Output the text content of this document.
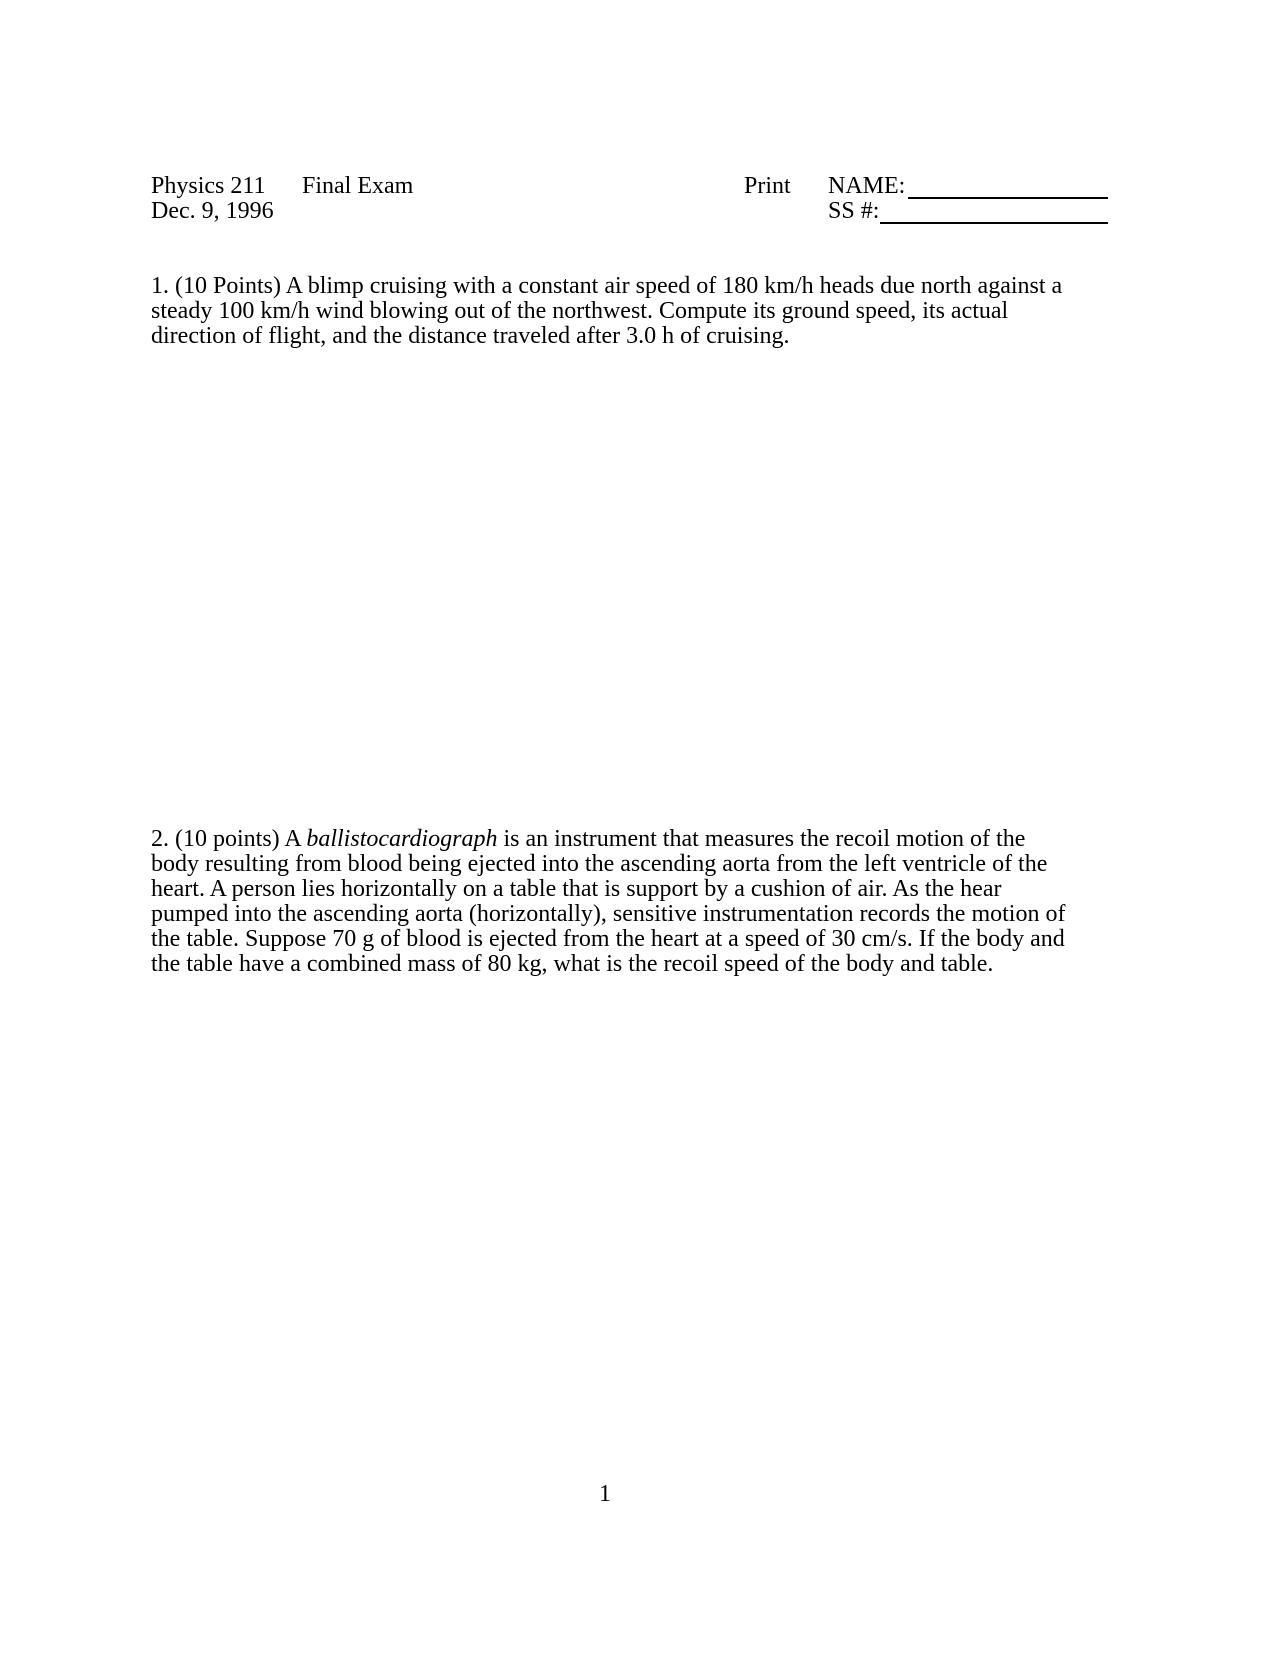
Physics 211 Final Exam
Dec. 9, 1996
Print NAME:
SS #:
1. (10 Points) A blimp cruising with a constant air speed of 180 km/h heads due north against a
steady 100 km/h wind blowing out of the northwest. Compute its ground speed, its actual
direction of flight, and the distance traveled after 3.0 h of cruising.
2. (10 points) A ballistocardiograph is an instrument that measures the recoil motion of the
body resulting from blood being ejected into the ascending aorta from the left ventricle of the
heart. A person lies horizontally on a table that is support by a cushion of air. As the hear
pumped into the ascending aorta (horizontally), sensitive instrumentation records the motion of
the table. Suppose 70 g of blood is ejected from the heart at a speed of 30 cm/s. If the body and
the table have a combined mass of 80 kg, what is the recoil speed of the body and table.
1
